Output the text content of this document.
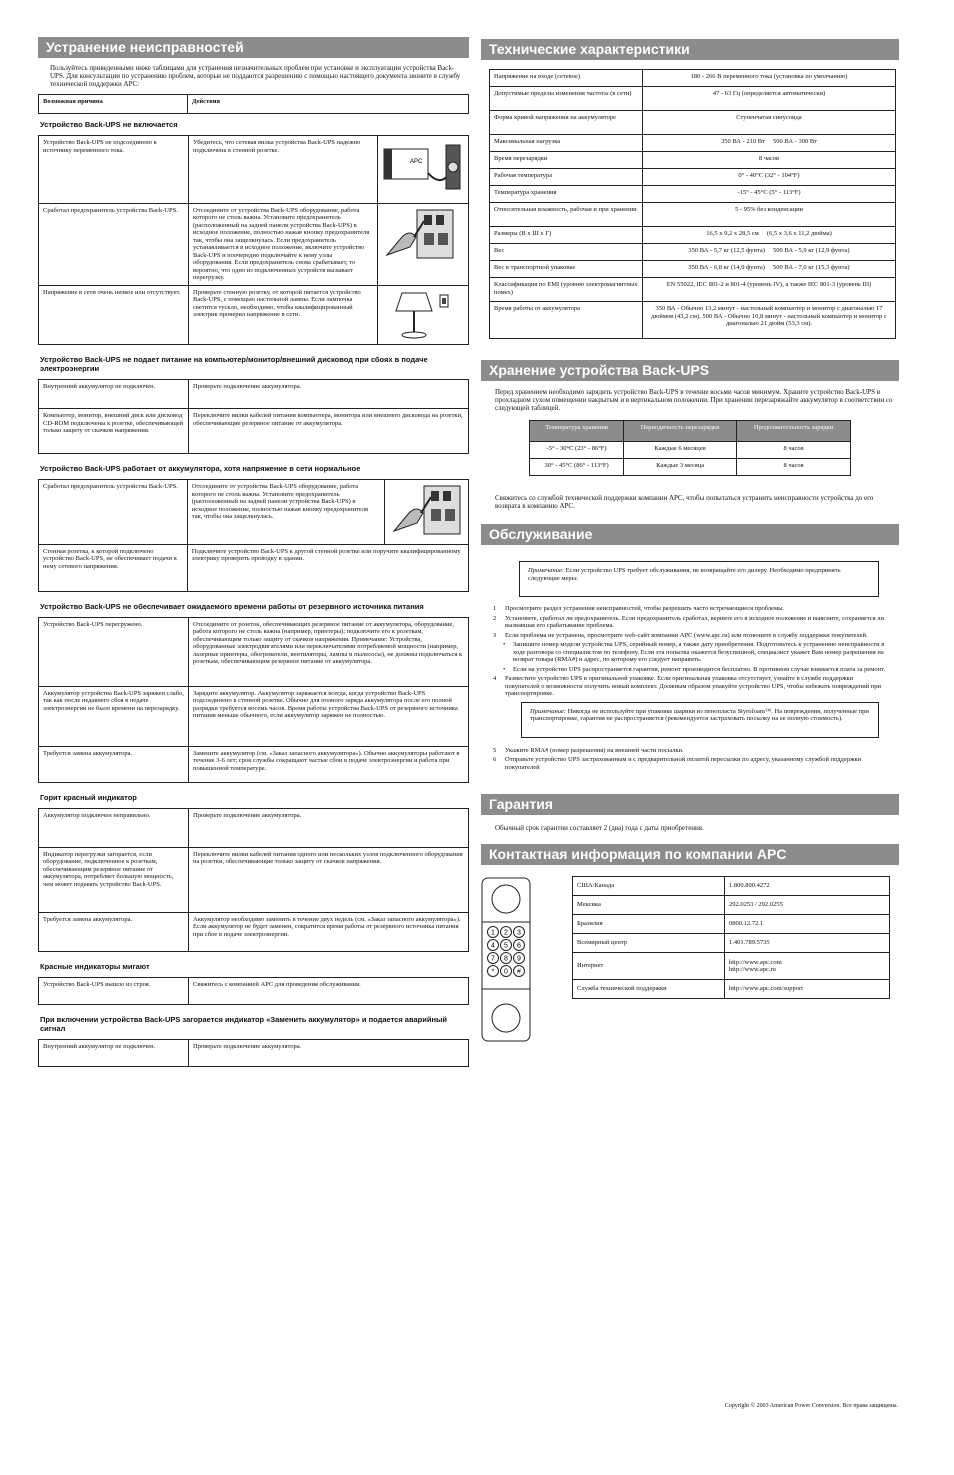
Устранение неисправностей

Пользуйтесь приведенными ниже таблицами для устранения незначительных проблем при установке и эксплуатации устройства Back-UPS. Для консультации по устранению проблем, которые не поддаются разрешению с помощью настоящего документа звоните в службу технической поддержки APC:

Возможная причина	Действия
Устройство Back-UPS не включается
Устройство Back-UPS не подсоединено к источнику переменного тока.	Убедитесь, что сетевая вилка устройства Back-UPS надежно подключена к стенной розетке.	APC

Сработал предохранитель устройства Back-UPS.	Отсоедините от устройства Back-UPS оборудование, работа которого не столь важна. Установите предохранитель (расположенный на задней панели устройства Back-UPS) в исходное положение, полностью нажав кнопку предохранителя так, чтобы она защелкнулась. Если предохранитель устанавливается в исходное положение, включите устройство Back-UPS и поочередно подключайте к нему узлы оборудования. Если предохранитель снова срабатывает, то вероятно, что одно из подключенных устройств вызывает перегрузку.	
Напряжение в сети очень низкое или отсутствует.	Проверьте стенную розетку, от которой питается устройство Back-UPS, с помощью настольной лампы. Если лампочка светится тускло, необходимо, чтобы квалифицированный электрик проверил напряжение в сети.	
Устройство Back-UPS не подает питание на компьютер/монитор/внешний дисковод при сбоях в подаче электроэнергии
Внутренний аккумулятор не подключен.	Проверьте подключение аккумулятора.
Компьютер, монитор, внешний диск или дисковод CD-ROM подключены к розетке, обеспечивающей только защиту от скачков напряжения.	Переключите вилки кабелей питания компьютера, монитора или внешнего дисковода на розетки, обеспечивающие резервное питание от аккумулятора.
Устройство Back-UPS работает от аккумулятора, хотя напряжение в сети нормальное
Сработал предохранитель устройства Back-UPS.	Отсоедините от устройства Back-UPS оборудование, работа которого не столь важна. Установите предохранитель (расположенный на задней панели устройства Back-UPS) в исходное положение, полностью нажав кнопку предохранителя так, чтобы она защелкнулась.	
Стенная розетка, к которой подключено устройство Back-UPS, не обеспечивает подачи к нему сетевого напряжения.	Подключите устройство Back-UPS к другой стенной розетке или поручите квалифицированному электрику проверить проводку в здании.	
Устройство Back-UPS не обеспечивает ожидаемого времени работы от резервного источника питания
Устройство Back-UPS перегружено.	Отсоедините от розеток, обеспечивающих резервное питание от аккумулятора, оборудование, работа которого не столь важна (например, принтеры); подключите его к розеткам, обеспечивающим только защиту от скачков напряжения. Примечание: Устройства, оборудованные электродвигателями или переключателями потребляемой мощности (например, лазерные принтеры, обогреватели, вентиляторы, лампы и пылесосы), не должны подключаться к розеткам, обеспечивающим резервное питание от аккумулятора.
Аккумулятор устройства Back-UPS заряжен слабо, так как после недавнего сбоя в подаче электроэнергии не было времени на перезарядку.	Зарядите аккумулятор. Аккумулятор заряжается всегда, когда устройство Back-UPS подсоединено к стенной розетке. Обычно для полного заряда аккумулятора после его полной разрядки требуется восемь часов. Время работы устройства Back-UPS от резервного источника питания меньше обычного, если аккумулятор заряжен не полностью.
Требуется замена аккумулятора.	Замените аккумулятор (см. «Заказ запасного аккумулятора»). Обычно аккумуляторы работают в течение 3-6 лет; срок службы сокращают частые сбои в подаче электроэнергии и работа при повышенной температуре.
Горит красный индикатор
Аккумулятор подключен неправильно.	Проверьте подключение аккумулятора.
Индикатор перегрузки загорается, если оборудование, подключенное к розеткам, обеспечивающим резервное питание от аккумулятора, потребляет большую мощность, чем может подавать устройство Back-UPS.	Переключите вилки кабелей питания одного или нескольких узлов подключенного оборудования на розетки, обеспечивающие только защиту от скачков напряжения.
Требуется замена аккумулятора.	Аккумулятор необходимо заменить в течение двух недель (см. «Заказ запасного аккумулятора»). Если аккумулятор не будет заменен, сократится время работы от резервного источника питания при сбое в подаче электроэнергии.
Красные индикаторы мигают
Устройство Back-UPS вышло из строя.	Свяжитесь с компанией APC для проведения обслуживания.
При включении устройства Back-UPS загорается индикатор «Заменить аккумулятор» и подается аварийный сигнал
Внутренний аккумулятор не подключен.	Проверьте подключение аккумулятора.
Технические характеристики
Напряжение на входе (сетевое)	180 - 266 В переменного тока (установка по умолчанию)
Допустимые пределы изменения частоты (в сети)	47 - 63 Гц (определяется автоматически)
Форма кривой напряжения на аккумуляторе	Ступенчатая синусоида
Максимальная нагрузка	350 ВА - 210 Вт     500 ВА - 300 Вт
Время перезарядки	8 часов
Рабочая температура	0° - 40°C (32° - 104°F)
Температура хранения	-15° - 45°C (5° - 113°F)
Относительная влажность, рабочая и при хранении	5 - 95% без конденсации
Размеры (В x Ш x Г)	16,5 x 9,2 x 28,5 см     (6,5 x 3,6 x 11,2 дюйма)
Вес	350 ВА - 5,7 кг (12,5 фунта)     500 ВА - 5,9 кг (12,9 фунта)
Вес в транспортной упаковке	350 ВА - 6,8 кг (14,9 фунта)     500 ВА - 7,0 кг (15,3 фунта)
Классификация по EMI (уровню электромагнитных помех)	EN 55022, IEC 801-2 и 801-4 (уровень IV), а также IEC 801-3 (уровень III)
Время работы от аккумулятора	350 ВА - Обычно 13,2 минут - настольный компьютер и монитор с диагональю 17 дюймов (43,2 см). 500 ВА - Обычно 10,8 минут - настольный компьютер и монитор с диагональю 21 дюйм (53,3 см).
Хранение устройства Back-UPS

Перед хранением необходимо зарядить устройство Back-UPS в течение восьми часов минимум. Храните устройство Back-UPS в прохладном сухом помещении накрытым и в вертикальном положении. При хранении перезаряжайте аккумулятор в соответствии со следующей таблицей.

Температура хранения	Периодичность перезарядки	Продолжительность зарядки
-5° - 30°C (23° - 86°F)	Каждые 6 месяцев	8 часов
30° - 45°C (86° - 113°F)	Каждые 3 месяца	8 часов

Свяжитесь со службой технической поддержки компании APC, чтобы попытаться устранить неисправности устройства до его возврата в компанию APC.

Обслуживание
Примечание: Если устройство UPS требует обслуживания, не возвращайте его дилеру. Необходимо предпринять следующие меры:
1 Просмотрите раздел устранения неисправностей, чтобы разрешить часто встречающиеся проблемы.
2 Установите, сработал ли предохранитель. Если предохранитель сработал, верните его в исходное положение и выясните, сохраняется ли вызвавшая его срабатывание проблема.
3 Если проблема не устранена, просмотрите web-сайт компании APC (www.apc.ru) или позвоните в службу поддержки покупателей.
• Запишите номер модели устройства UPS, серийный номер, а также дату приобретения. Подготовьтесь к устранению неисправности в ходе разговора со специалистом по телефону. Если эта попытка окажется безуспешной, специалист укажет Вам номер разрешения на возврат товара (RMA#) и адрес, по которому его следует направить.
• Если на устройство UPS распространяется гарантия, ремонт производится бесплатно. В противном случае взимается плата за ремонт.
4 Разместите устройство UPS в оригинальной упаковке. Если оригинальная упаковка отсутствует, узнайте в службе поддержки покупателей о возможности получить новый комплект. Должным образом упакуйте устройство UPS, чтобы избежать повреждений при транспортировке.
Примечание: Никогда не используйте при упаковке шарики из пенопласта Styrofoam™. На повреждения, полученные при транспортировке, гарантия не распространяется (рекомендуется застраховать посылку на ее полную стоимость).
5 Укажите RMA# (номер разрешения) на внешней части посылки.
6 Отправьте устройство UPS застрахованным и с предварительной оплатой пересылки по адресу, указанному службой поддержки покупателей
Гарантия

Обычный срок гарантии составляет 2 (два) года с даты приобретения.

Контактная информация по компании APC
1 2 3
4 5 6
7 8 9
* 0 #
США/Канада	1.800.800.4272
Мексика	292.0253 / 292.0255
Бразилия	0800.12.72.1
Всемирный центр	1.401.789.5735
Интернет	http://www.apc.com
http://www.apc.ru
Служба технической поддержки	http://www.apc.com/support
Copyright © 2003 American Power Conversion. Все права защищены.
